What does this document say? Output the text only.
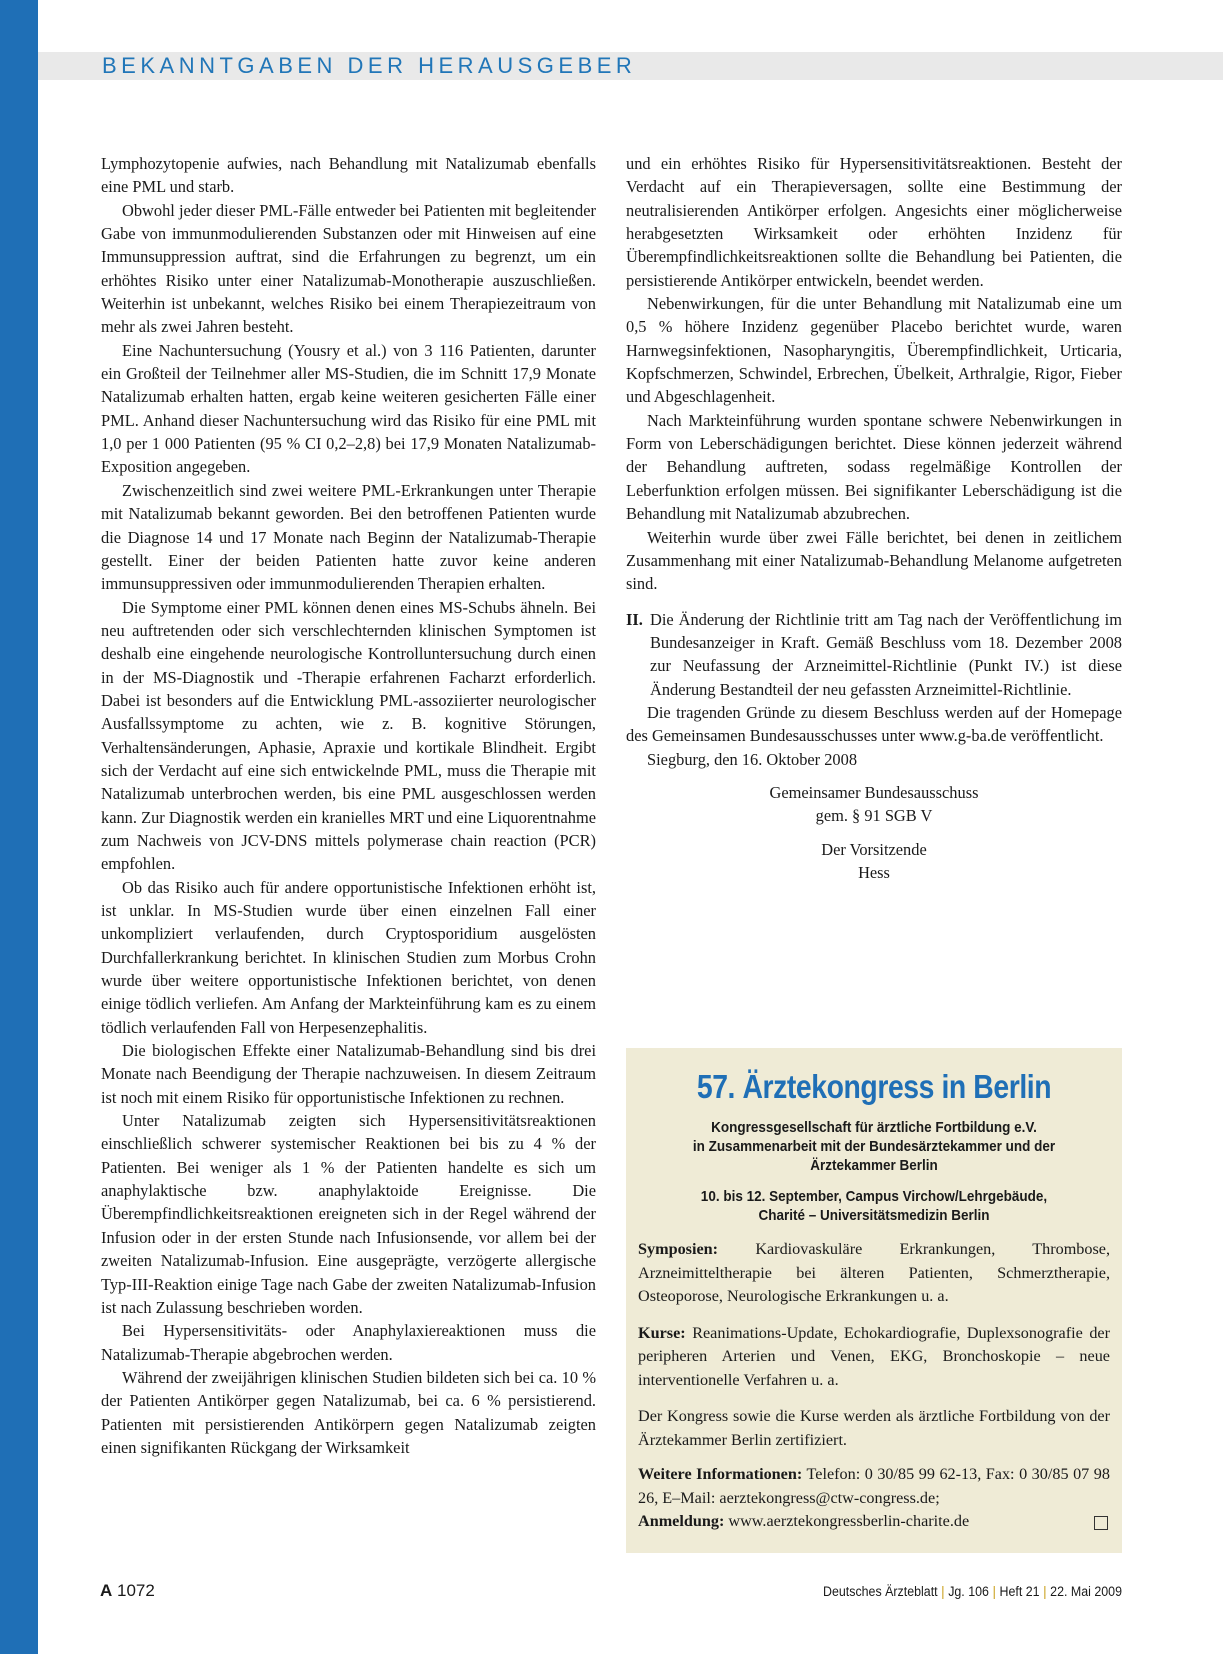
BEKANNTGABEN DER HERAUSGEBER

Lymphozytopenie aufwies, nach Behandlung mit Natalizumab ebenfalls eine PML und starb.

Obwohl jeder dieser PML-Fälle entweder bei Patienten mit begleitender Gabe von immunmodulierenden Substanzen oder mit Hinweisen auf eine Immunsuppression auftrat, sind die Erfahrungen zu begrenzt, um ein erhöhtes Risiko unter einer Natalizumab-Monotherapie auszuschließen. Weiterhin ist unbekannt, welches Risiko bei einem Therapiezeitraum von mehr als zwei Jahren besteht.

Eine Nachuntersuchung (Yousry et al.) von 3 116 Patienten, darunter ein Großteil der Teilnehmer aller MS-Studien, die im Schnitt 17,9 Monate Natalizumab erhalten hatten, ergab keine weiteren gesicherten Fälle einer PML. Anhand dieser Nachuntersuchung wird das Risiko für eine PML mit 1,0 per 1 000 Patienten (95 % CI 0,2–2,8) bei 17,9 Monaten Natalizumab-Exposition angegeben.

Zwischenzeitlich sind zwei weitere PML-Erkrankungen unter Therapie mit Natalizumab bekannt geworden. Bei den betroffenen Patienten wurde die Diagnose 14 und 17 Monate nach Beginn der Natalizumab-Therapie gestellt. Einer der beiden Patienten hatte zuvor keine anderen immunsuppressiven oder immunmodulierenden Therapien erhalten.

Die Symptome einer PML können denen eines MS-Schubs ähneln. Bei neu auftretenden oder sich verschlechternden klinischen Symptomen ist deshalb eine eingehende neurologische Kontrolluntersuchung durch einen in der MS-Diagnostik und -Therapie erfahrenen Facharzt erforderlich. Dabei ist besonders auf die Entwicklung PML-assoziierter neurologischer Ausfallssymptome zu achten, wie z. B. kognitive Störungen, Verhaltensänderungen, Aphasie, Apraxie und kortikale Blindheit. Ergibt sich der Verdacht auf eine sich entwickelnde PML, muss die Therapie mit Natalizumab unterbrochen werden, bis eine PML ausgeschlossen werden kann. Zur Diagnostik werden ein kranielles MRT und eine Liquorentnahme zum Nachweis von JCV-DNS mittels polymerase chain reaction (PCR) empfohlen.

Ob das Risiko auch für andere opportunistische Infektionen erhöht ist, ist unklar. In MS-Studien wurde über einen einzelnen Fall einer unkompliziert verlaufenden, durch Cryptosporidium ausgelösten Durchfallerkrankung berichtet. In klinischen Studien zum Morbus Crohn wurde über weitere opportunistische Infektionen berichtet, von denen einige tödlich verliefen. Am Anfang der Markteinführung kam es zu einem tödlich verlaufenden Fall von Herpesenzephalitis.

Die biologischen Effekte einer Natalizumab-Behandlung sind bis drei Monate nach Beendigung der Therapie nachzuweisen. In diesem Zeitraum ist noch mit einem Risiko für opportunistische Infektionen zu rechnen.

Unter Natalizumab zeigten sich Hypersensitivitätsreaktionen einschließlich schwerer systemischer Reaktionen bei bis zu 4 % der Patienten. Bei weniger als 1 % der Patienten handelte es sich um anaphylaktische bzw. anaphylaktoide Ereignisse. Die Überempfindlichkeitsreaktionen ereigneten sich in der Regel während der Infusion oder in der ersten Stunde nach Infusionsende, vor allem bei der zweiten Natalizumab-Infusion. Eine ausgeprägte, verzögerte allergische Typ-III-Reaktion einige Tage nach Gabe der zweiten Natalizumab-Infusion ist nach Zulassung beschrieben worden.

Bei Hypersensitivitäts- oder Anaphylaxiereaktionen muss die Natalizumab-Therapie abgebrochen werden.

Während der zweijährigen klinischen Studien bildeten sich bei ca. 10 % der Patienten Antikörper gegen Natalizumab, bei ca. 6 % persistierend. Patienten mit persistierenden Antikörpern gegen Natalizumab zeigten einen signifikanten Rückgang der Wirksamkeit

und ein erhöhtes Risiko für Hypersensitivitätsreaktionen. Besteht der Verdacht auf ein Therapieversagen, sollte eine Bestimmung der neutralisierenden Antikörper erfolgen. Angesichts einer möglicherweise herabgesetzten Wirksamkeit oder erhöhten Inzidenz für Überempfindlichkeitsreaktionen sollte die Behandlung bei Patienten, die persistierende Antikörper entwickeln, beendet werden.

Nebenwirkungen, für die unter Behandlung mit Natalizumab eine um 0,5 % höhere Inzidenz gegenüber Placebo berichtet wurde, waren Harnwegsinfektionen, Nasopharyngitis, Überempfindlichkeit, Urticaria, Kopfschmerzen, Schwindel, Erbrechen, Übelkeit, Arthralgie, Rigor, Fieber und Abgeschlagenheit.

Nach Markteinführung wurden spontane schwere Nebenwirkungen in Form von Leberschädigungen berichtet. Diese können jederzeit während der Behandlung auftreten, sodass regelmäßige Kontrollen der Leberfunktion erfolgen müssen. Bei signifikanter Leberschädigung ist die Behandlung mit Natalizumab abzubrechen.

Weiterhin wurde über zwei Fälle berichtet, bei denen in zeitlichem Zusammenhang mit einer Natalizumab-Behandlung Melanome aufgetreten sind.

II. Die Änderung der Richtlinie tritt am Tag nach der Veröffentlichung im Bundesanzeiger in Kraft. Gemäß Beschluss vom 18. Dezember 2008 zur Neufassung der Arzneimittel-Richtlinie (Punkt IV.) ist diese Änderung Bestandteil der neu gefassten Arzneimittel-Richtlinie.

Die tragenden Gründe zu diesem Beschluss werden auf der Homepage des Gemeinsamen Bundesausschusses unter www.g-ba.de veröffentlicht.

Siegburg, den 16. Oktober 2008

Gemeinsamer Bundesausschuss
gem. § 91 SGB V
Der Vorsitzende
Hess
57. Ärztekongress in Berlin
Kongressgesellschaft für ärztliche Fortbildung e.V.
in Zusammenarbeit mit der Bundesärztekammer und der
Ärztekammer Berlin
10. bis 12. September, Campus Virchow/Lehrgebäude,
Charité – Universitätsmedizin Berlin

Symposien: Kardiovaskuläre Erkrankungen, Thrombose, Arzneimitteltherapie bei älteren Patienten, Schmerztherapie, Osteoporose, Neurologische Erkrankungen u. a.

Kurse: Reanimations-Update, Echokardiografie, Duplexsonografie der peripheren Arterien und Venen, EKG, Bronchoskopie – neue interventionelle Verfahren u. a.

Der Kongress sowie die Kurse werden als ärztliche Fortbildung von der Ärztekammer Berlin zertifiziert.

Weitere Informationen: Telefon: 0 30/85 99 62-13, Fax: 0 30/85 07 98 26, E–Mail: aerztekongress@ctw-congress.de;
Anmeldung: www.aerztekongressberlin-charite.de

A 1072	Deutsches Ärzteblatt | Jg. 106 | Heft 21 | 22. Mai 2009
